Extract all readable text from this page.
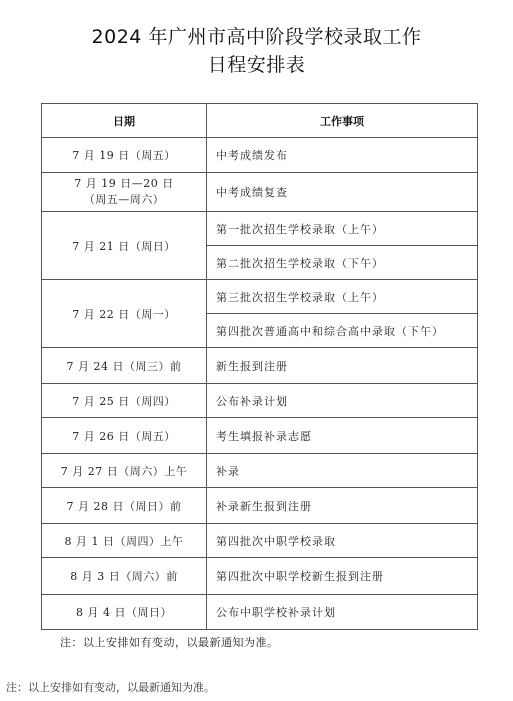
2024 年广州市高中阶段学校录取工作
日程安排表
日期	工作事项
7 月 19 日（周五）	中考成绩发布

7 月 19 日—20 日
（周五—周六）	中考成绩复查
7 月 21 日（周日）	第一批次招生学校录取（上午）
	第二批次招生学校录取（下午）
7 月 22 日（周一）	第三批次招生学校录取（上午）
	第四批次普通高中和综合高中录取（下午）
7 月 24 日（周三）前	新生报到注册
7 月 25 日（周四）	公布补录计划
7 月 26 日（周五）	考生填报补录志愿
7 月 27 日（周六）上午	补录
7 月 28 日（周日）前	补录新生报到注册
8 月 1 日（周四）上午	第四批次中职学校录取
8 月 3 日（周六）前	第四批次中职学校新生报到注册
8 月 4 日（周日）	公布中职学校补录计划
注：以上安排如有变动，以最新通知为准。
注：以上安排如有变动，以最新通知为准。
